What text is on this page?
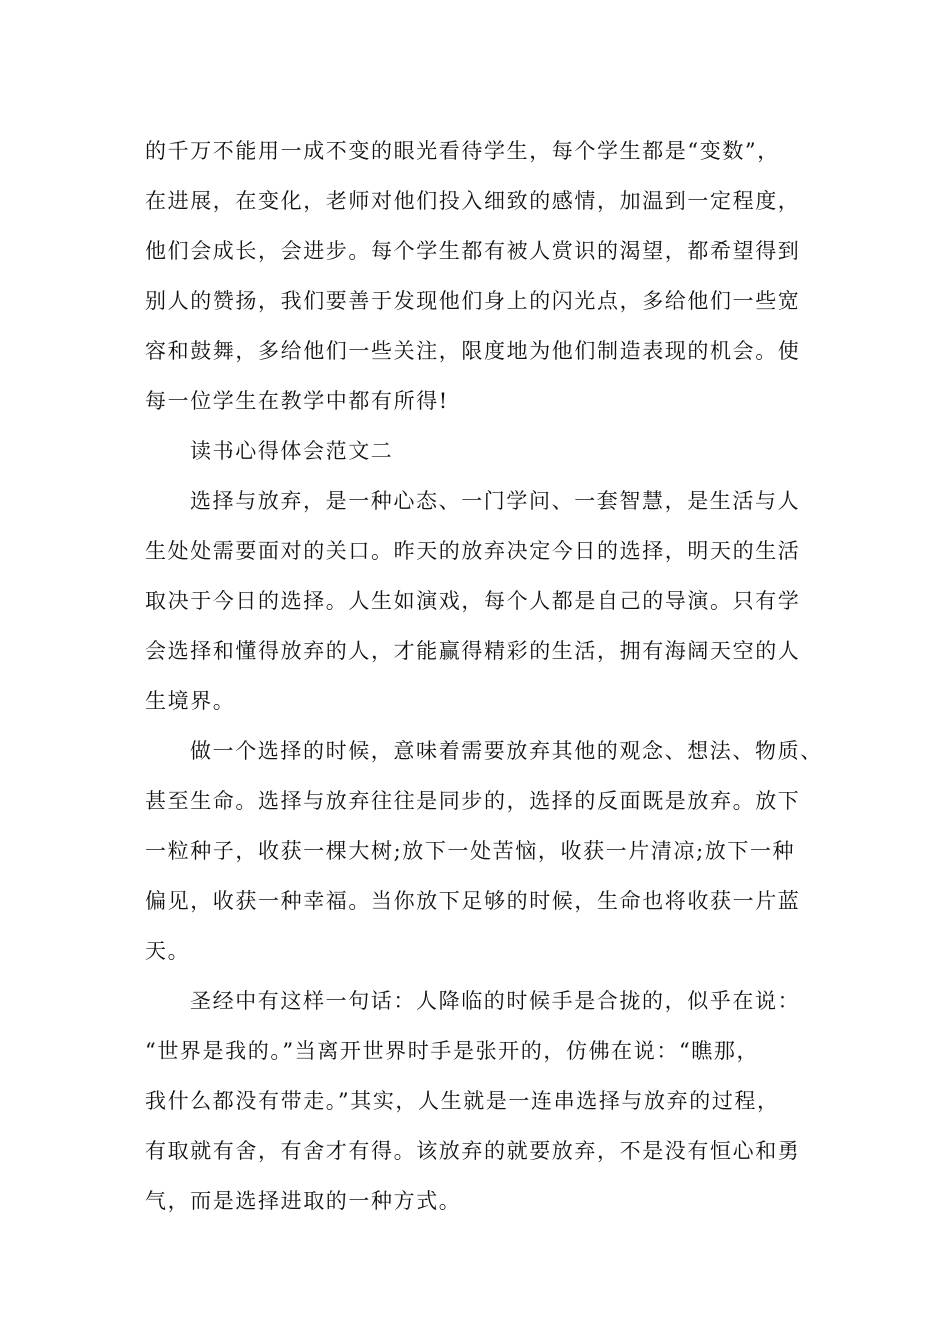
的千万不能用一成不变的眼光看待学生，每个学生都是“变数”，
在进展，在变化，老师对他们投入细致的感情，加温到一定程度，
他们会成长，会进步。每个学生都有被人赏识的渴望，都希望得到
别人的赞扬，我们要善于发现他们身上的闪光点，多给他们一些宽
容和鼓舞，多给他们一些关注，限度地为他们制造表现的机会。使
每一位学生在教学中都有所得!
读书心得体会范文二
选择与放弃，是一种心态、一门学问、一套智慧，是生活与人
生处处需要面对的关口。昨天的放弃决定今日的选择，明天的生活
取决于今日的选择。人生如演戏，每个人都是自己的导演。只有学
会选择和懂得放弃的人，才能赢得精彩的生活，拥有海阔天空的人
生境界。
做一个选择的时候，意味着需要放弃其他的观念、想法、物质、
甚至生命。选择与放弃往往是同步的，选择的反面既是放弃。放下
一粒种子，收获一棵大树;放下一处苦恼，收获一片清凉;放下一种
偏见，收获一种幸福。当你放下足够的时候，生命也将收获一片蓝
天。
圣经中有这样一句话：人降临的时候手是合拢的，似乎在说：
“世界是我的。”当离开世界时手是张开的，仿佛在说：“瞧那，
我什么都没有带走。”其实，人生就是一连串选择与放弃的过程，
有取就有舍，有舍才有得。该放弃的就要放弃，不是没有恒心和勇
气，而是选择进取的一种方式。
